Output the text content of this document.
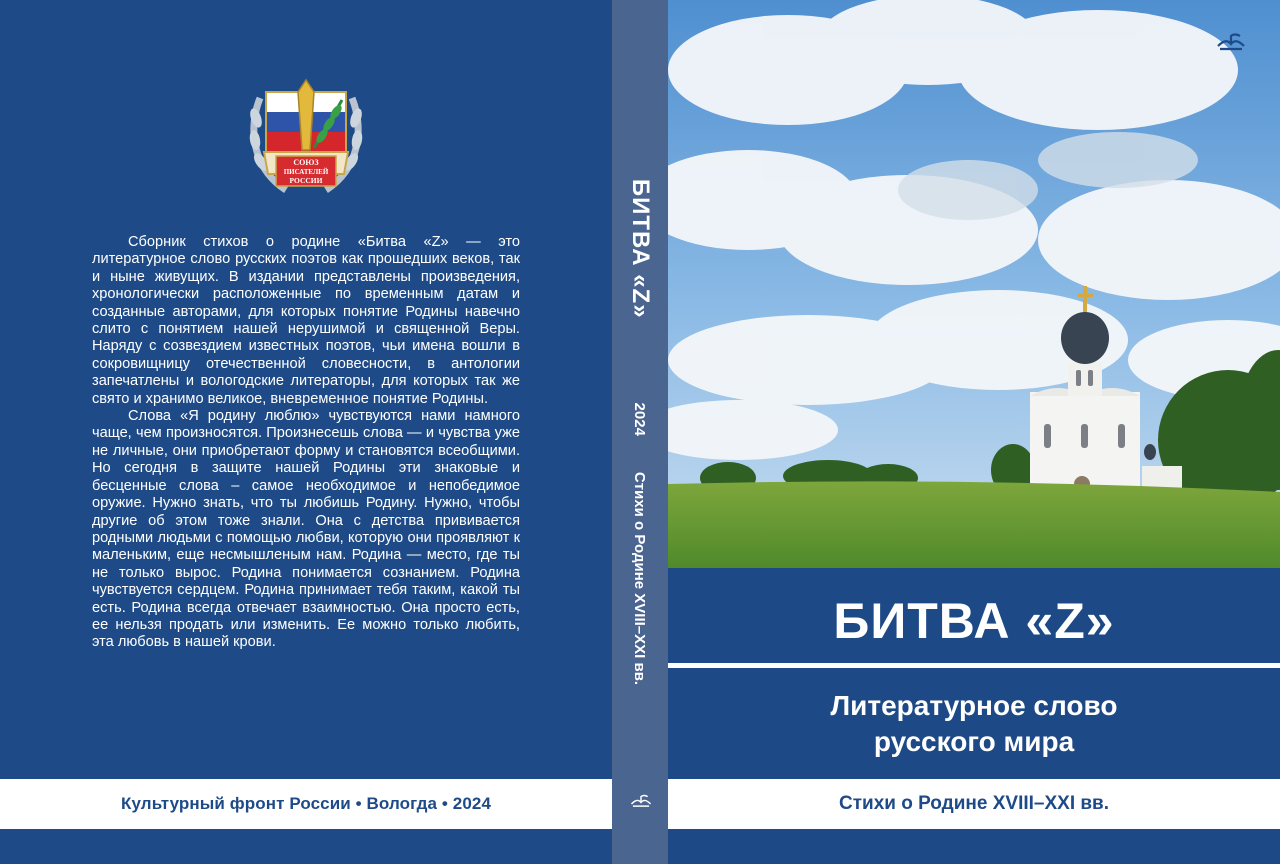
СОЮЗ
ПИСАТЕЛЕЙ
РОССИИ

Сборник стихов о родине «Битва «Z» — это литературное слово русских поэтов как прошедших веков, так и ныне живущих. В издании представлены произведения, хронологически расположенные по временным датам и созданные авторами, для которых понятие Родины навечно слито с понятием нашей нерушимой и священной Веры. Наряду с созвездием известных поэтов, чьи имена вошли в сокровищницу отечественной словесности, в антологии запечатлены и вологодские литераторы, для которых так же свято и хранимо великое, вневременное понятие Родины.

Слова «Я родину люблю» чувствуются нами намного чаще, чем произносятся. Произнесешь слова — и чувства уже не личные, они приобретают форму и становятся всеобщими. Но сегодня в защите нашей Родины эти знаковые и бесценные слова – самое необходимое и непобедимое оружие. Нужно знать, что ты любишь Родину. Нужно, чтобы другие об этом тоже знали. Она с детства прививается родными людьми с помощью любви, которую они проявляют к маленьким, еще несмышленым нам. Родина — место, где ты не только вырос. Родина понимается сознанием. Родина чувствуется сердцем. Родина принимает тебя таким, какой ты есть. Родина всегда отвечает взаимностью. Она просто есть, ее нельзя продать или изменить. Ее можно только любить, эта любовь в нашей крови.

Культурный фронт России • Вологда • 2024
БИТВА «Z»
2024
Стихи о Родине XVIII–XXI вв.	БИТВА «Z»
Литературное слово
русского мира
Стихи о Родине XVIII–XXI вв.
